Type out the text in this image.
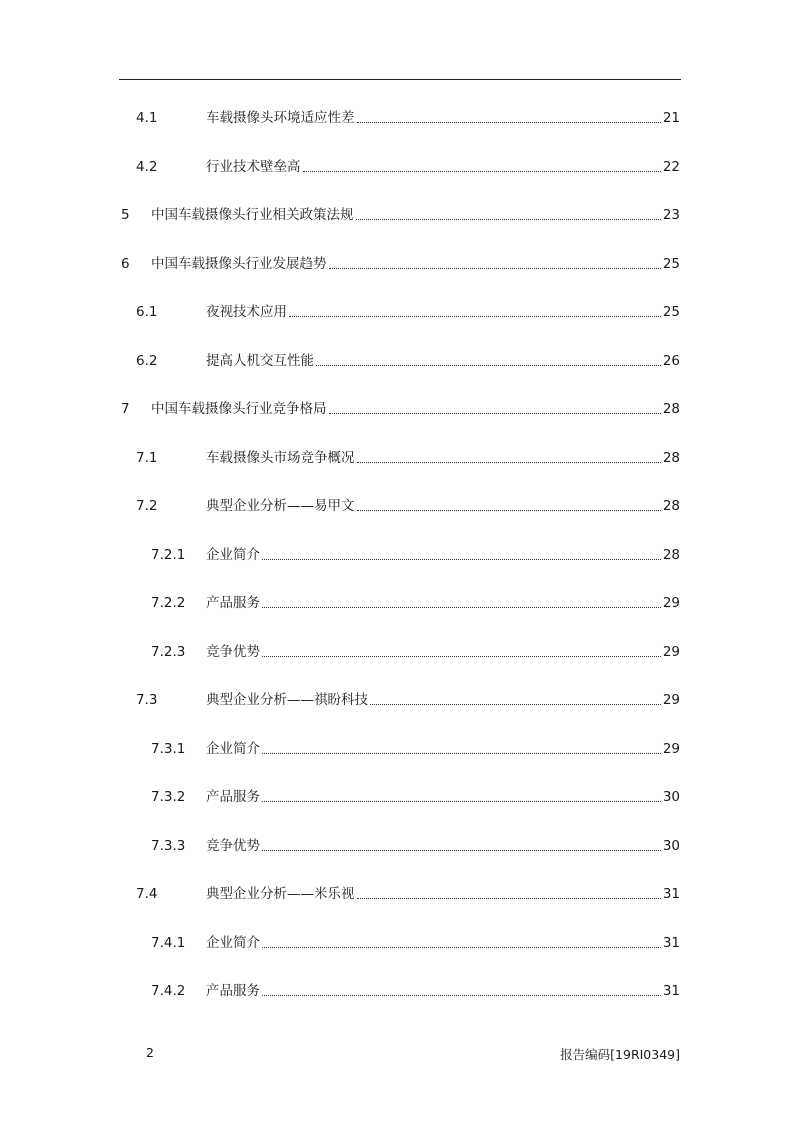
4.1	车载摄像头环境适应性差	21
4.2	行业技术壁垒高	22
5 中国车载摄像头行业相关政策法规	23
6 中国车载摄像头行业发展趋势	25
6.1	夜视技术应用	25
6.2	提高人机交互性能	26
7 中国车载摄像头行业竞争格局	28
7.1	车载摄像头市场竞争概况	28
7.2	典型企业分析——易甲文	28
7.2.1 企业简介	28
7.2.2 产品服务	29
7.2.3 竞争优势	29
7.3	典型企业分析——祺盼科技	29
7.3.1 企业简介	29
7.3.2 产品服务	30
7.3.3 竞争优势	30
7.4	典型企业分析——米乐视	31
7.4.1 企业简介	31
7.4.2 产品服务	31
2	报告编码[19RI0349]
